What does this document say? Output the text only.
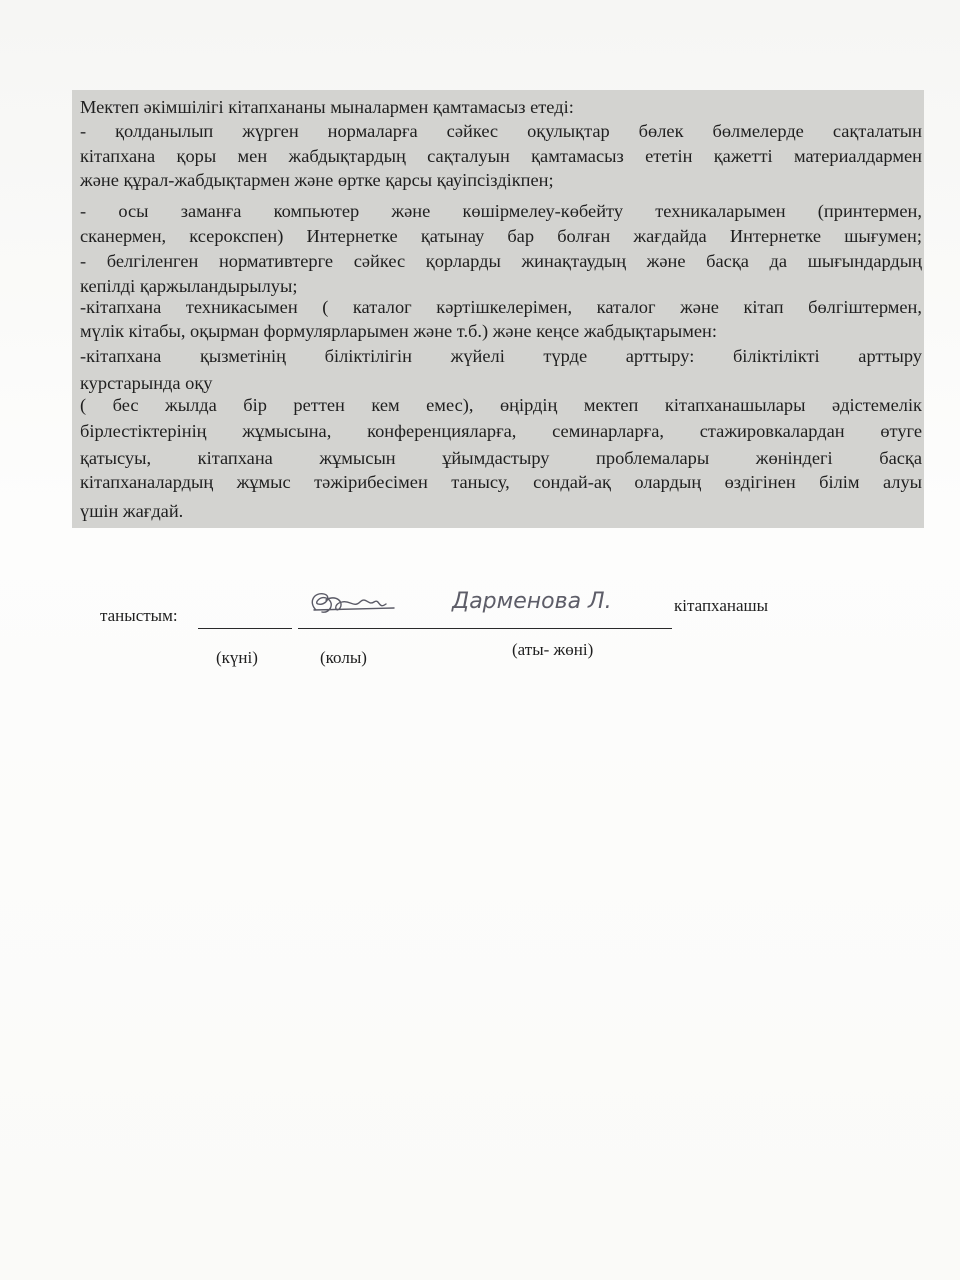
Мектеп әкімшілігі кітапхананы мыналармен қамтамасыз етеді:
- қолданылып жүрген нормаларға сәйкес оқулықтар бөлек бөлмелерде сақталатын
кітапхана қоры мен жабдықтардың сақталуын қамтамасыз ететін қажетті материалдармен
және құрал-жабдықтармен және өртке қарсы қауіпсіздікпен;
- осы заманға компьютер және көшірмелеу-көбейту техникаларымен (принтермен,
сканермен, ксерокспен) Интернетке қатынау бар болған жағдайда Интернетке шығумен;
- белгіленген нормативтерге сәйкес қорларды жинақтаудың және басқа да шығындардың
кепілді қаржыландырылуы;
-кітапхана техникасымен ( каталог кәртішкелерімен, каталог және кітап бөлгіштермен,
мүлік кітабы, оқырман формулярларымен және т.б.) және кеңсе жабдықтарымен:
-кітапхана қызметінің біліктілігін жүйелі түрде арттыру: біліктілікті арттыру
курстарында оқу
( бес жылда бір реттен кем емес), өңірдің мектеп кітапханашылары әдістемелік
бірлестіктерінің жұмысына, конференцияларға, семинарларға, стажировкалардан өтуге
қатысуы, кітапхана жұмысын ұйымдастыру проблемалары жөніндегі басқа
кітапханалардың жұмыс тәжірибесімен танысу, сондай-ақ олардың өздігінен білім алуы
үшін жағдай.
таныстым:
кітапханашы
Дарменова Л.
(күні)	(колы)	(аты- жөні)
